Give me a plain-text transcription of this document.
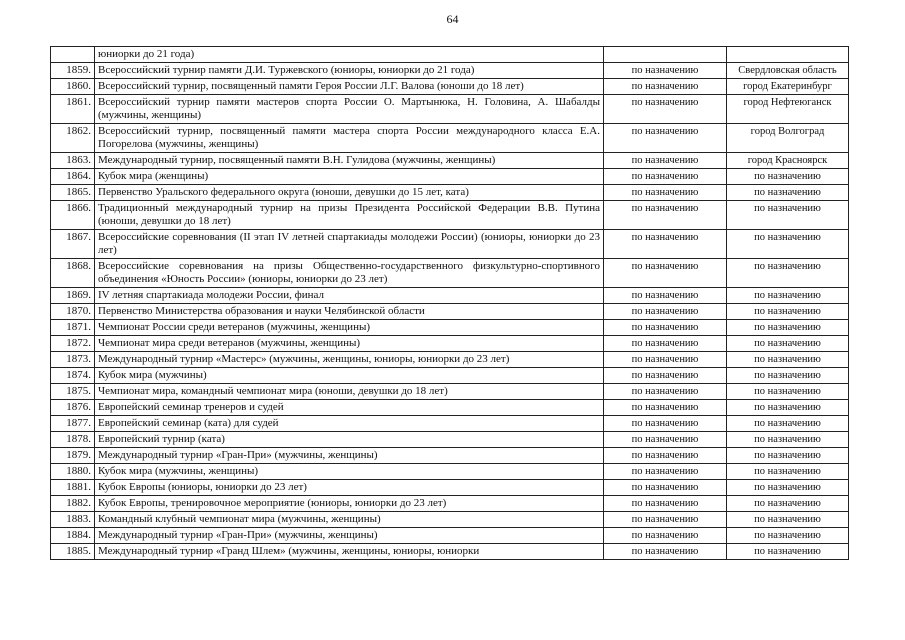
64
	юниорки до 21 года)		
1859.	Всероссийский турнир памяти Д.И. Туржевского (юниоры, юниорки до 21 года)	по назначению	Свердловская область
1860.	Всероссийский турнир, посвященный памяти Героя России Л.Г. Валова (юноши до 18 лет)	по назначению	город Екатеринбург
1861.	Всероссийский турнир памяти мастеров спорта России О. Мартынюка, Н. Головина, А. Шабалды (мужчины, женщины)	по назначению	город Нефтеюганск
1862.	Всероссийский турнир, посвященный памяти мастера спорта России международного класса Е.А. Погорелова (мужчины, женщины)	по назначению	город Волгоград
1863.	Международный турнир, посвященный памяти В.Н. Гулидова (мужчины, женщины)	по назначению	город Красноярск
1864.	Кубок мира (женщины)	по назначению	по назначению
1865.	Первенство Уральского федерального округа (юноши, девушки до 15 лет, ката)	по назначению	по назначению
1866.	Традиционный международный турнир на призы Президента Российской Федерации В.В. Путина (юноши, девушки до 18 лет)	по назначению	по назначению
1867.	Всероссийские соревнования (II этап IV летней спартакиады молодежи России) (юниоры, юниорки до 23 лет)	по назначению	по назначению
1868.	Всероссийские соревнования на призы Общественно-государственного физкультурно-спортивного объединения «Юность России» (юниоры, юниорки до 23 лет)	по назначению	по назначению
1869.	IV летняя спартакиада молодежи России, финал	по назначению	по назначению
1870.	Первенство Министерства образования и науки Челябинской области	по назначению	по назначению
1871.	Чемпионат России среди ветеранов (мужчины, женщины)	по назначению	по назначению
1872.	Чемпионат мира среди ветеранов (мужчины, женщины)	по назначению	по назначению
1873.	Международный турнир «Мастерс» (мужчины, женщины, юниоры, юниорки до 23 лет)	по назначению	по назначению
1874.	Кубок мира (мужчины)	по назначению	по назначению
1875.	Чемпионат мира, командный чемпионат мира (юноши, девушки до 18 лет)	по назначению	по назначению
1876.	Европейский семинар тренеров и судей	по назначению	по назначению
1877.	Европейский семинар (ката) для судей	по назначению	по назначению
1878.	Европейский турнир (ката)	по назначению	по назначению
1879.	Международный турнир «Гран-При» (мужчины, женщины)	по назначению	по назначению
1880.	Кубок мира (мужчины, женщины)	по назначению	по назначению
1881.	Кубок Европы (юниоры, юниорки до 23 лет)	по назначению	по назначению
1882.	Кубок Европы, тренировочное мероприятие (юниоры, юниорки до 23 лет)	по назначению	по назначению
1883.	Командный клубный чемпионат мира (мужчины, женщины)	по назначению	по назначению
1884.	Международный турнир «Гран-При» (мужчины, женщины)	по назначению	по назначению
1885.	Международный турнир «Гранд Шлем» (мужчины, женщины, юниоры, юниорки	по назначению	по назначению
